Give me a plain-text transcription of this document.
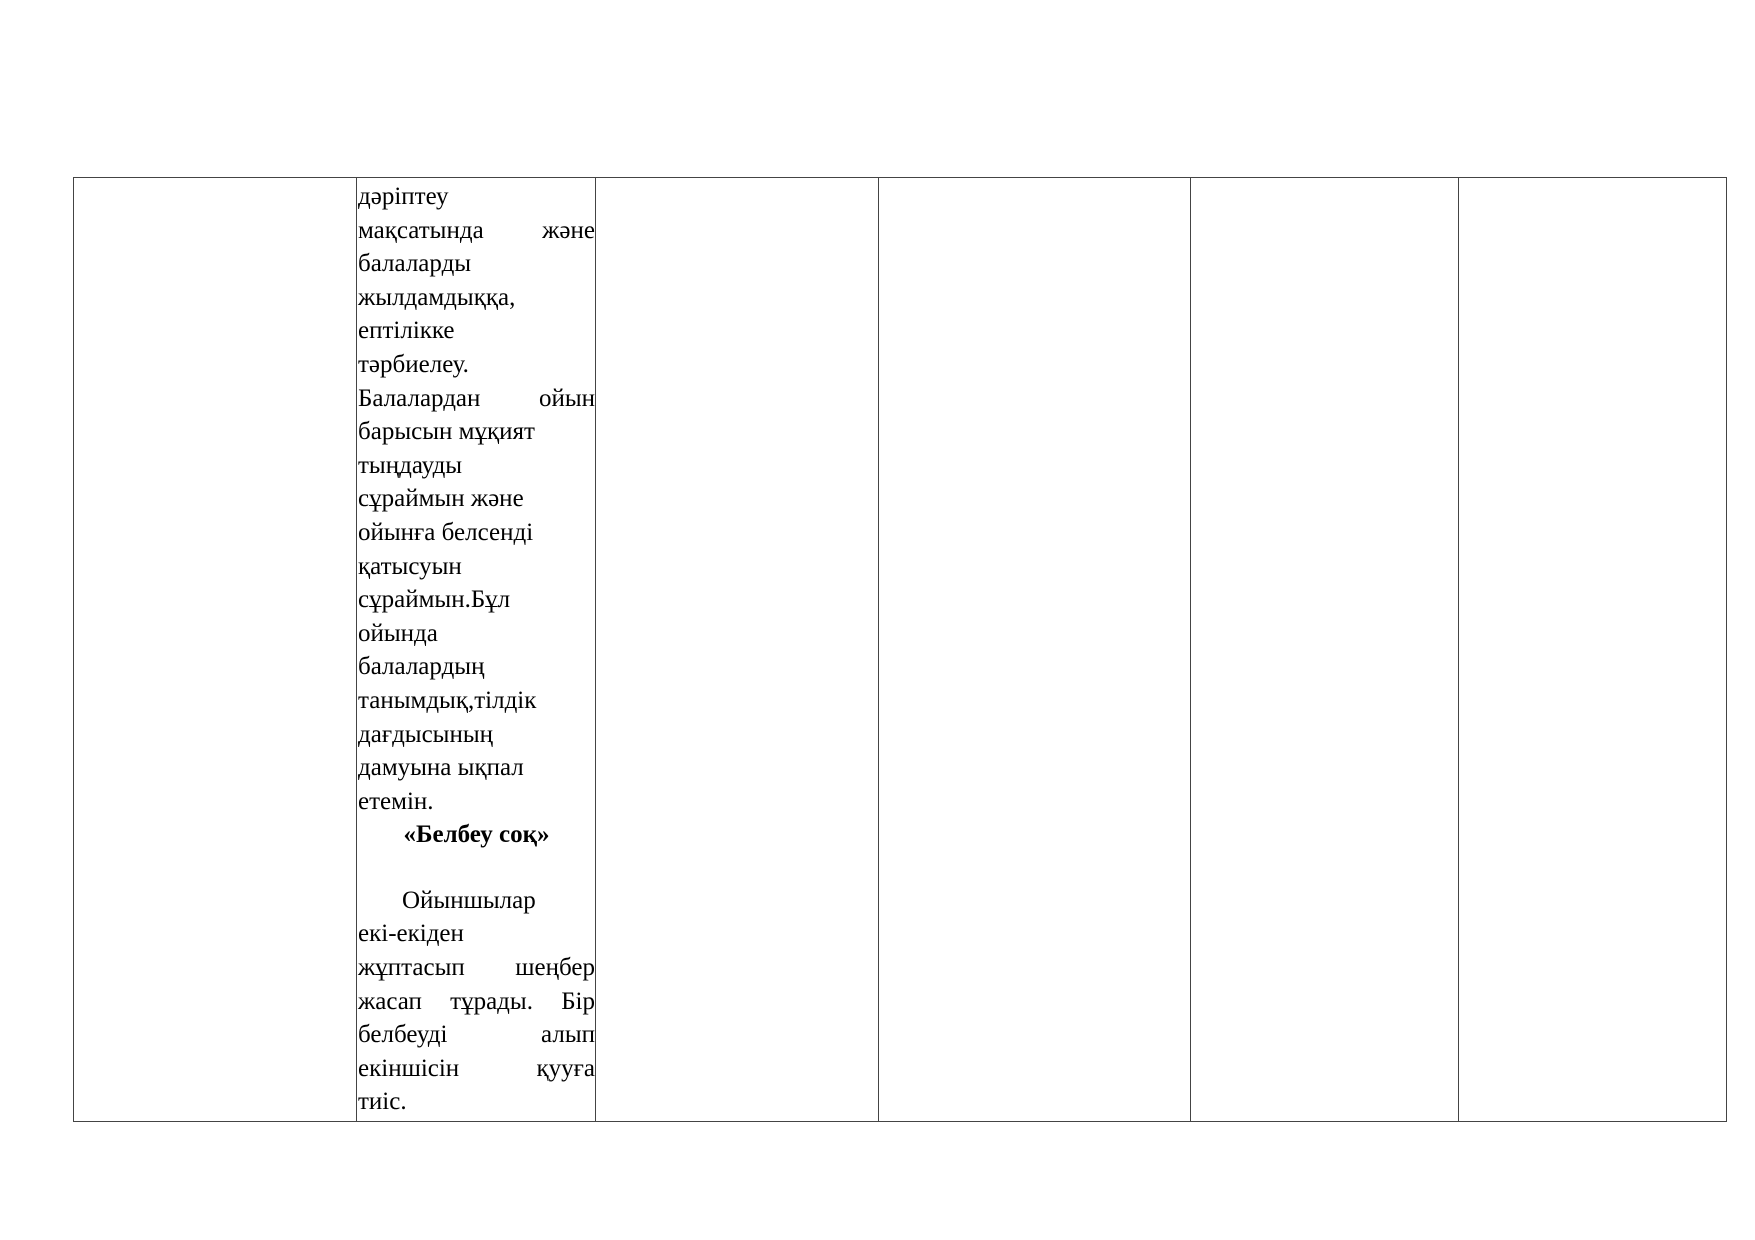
дәріптеу
мақсатында және
балаларды
жылдамдыққа,
ептілікке
тәрбиелеу.
Балалардан ойын
барысын мұқият
тыңдауды
сұраймын және
ойынға белсенді
қатысуын
сұраймын.Бұл
ойында
балалардың
танымдық,тілдік
дағдысының
дамуына ықпал
етемін.

«Белбеу соқ»

Ойыншылар
екі-екіден
жұптасып шеңбер
жасап тұрады. Бір
белбеуді	алып
екіншісін	қууға
тиіс.
